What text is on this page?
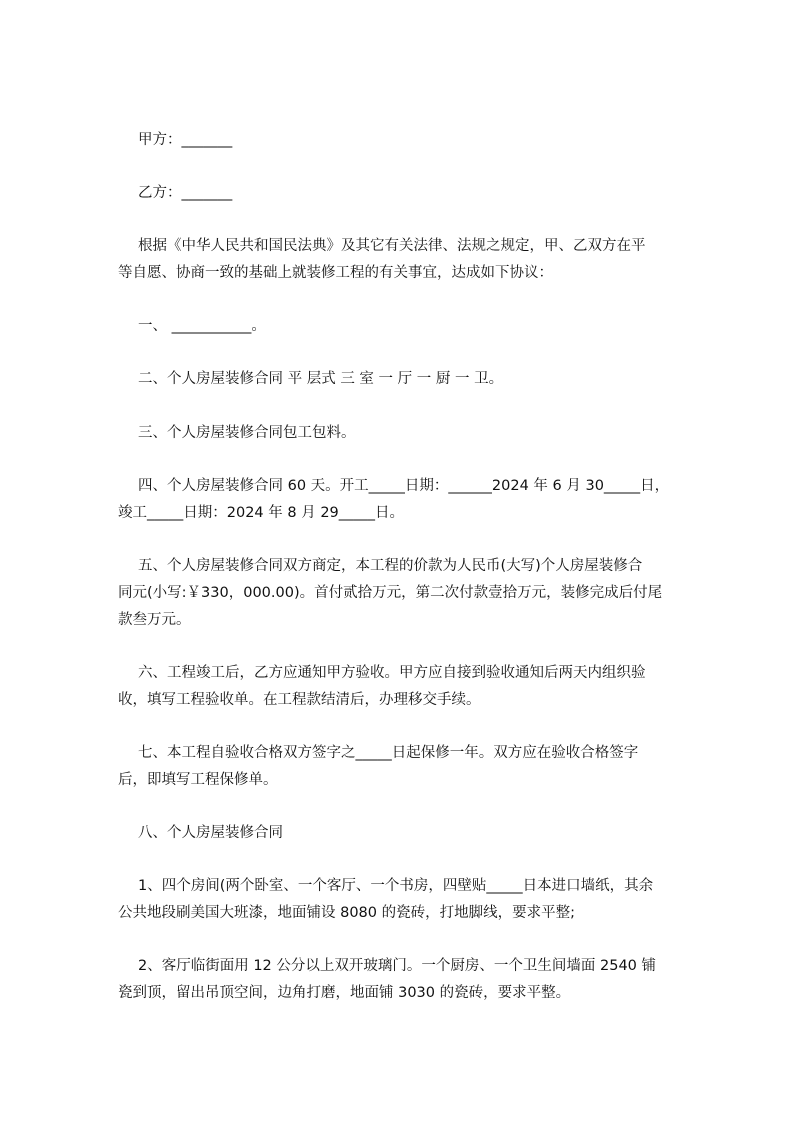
甲方：_______
乙方：_______
根据《中华人民共和国民法典》及其它有关法律、法规之规定，甲、乙双方在平
等自愿、协商一致的基础上就装修工程的有关事宜，达成如下协议：
一、 ___________。
二、个人房屋装修合同 平 层式 三 室 一 厅 一 厨 一 卫。
三、个人房屋装修合同包工包料。
四、个人房屋装修合同 60 天。开工_____日期：______2024 年 6 月 30_____日，
竣工_____日期：2024 年 8 月 29_____日。
五、个人房屋装修合同双方商定，本工程的价款为人民币(大写)个人房屋装修合
同元(小写:￥330，000.00)。首付贰拾万元，第二次付款壹拾万元，装修完成后付尾
款叁万元。
六、工程竣工后，乙方应通知甲方验收。甲方应自接到验收通知后两天内组织验
收，填写工程验收单。在工程款结清后，办理移交手续。
七、本工程自验收合格双方签字之_____日起保修一年。双方应在验收合格签字
后，即填写工程保修单。
八、个人房屋装修合同
1、四个房间(两个卧室、一个客厅、一个书房，四壁贴_____日本进口墙纸，其余
公共地段刷美国大班漆，地面铺设 8080 的瓷砖，打地脚线，要求平整;
2、客厅临街面用 12 公分以上双开玻璃门。一个厨房、一个卫生间墙面 2540 铺
瓷到顶，留出吊顶空间，边角打磨，地面铺 3030 的瓷砖，要求平整。
